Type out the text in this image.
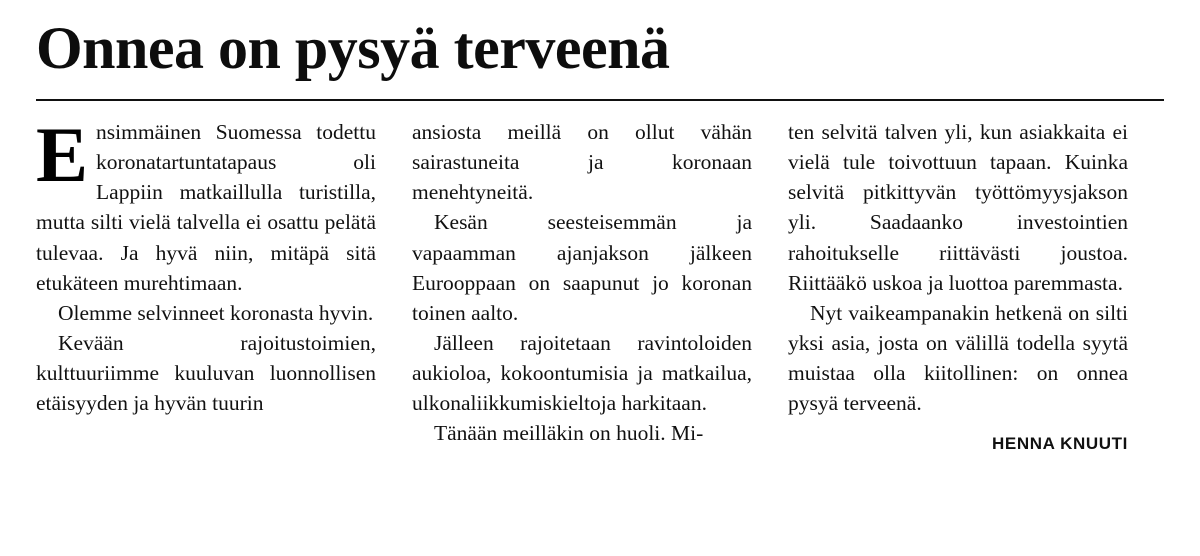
Onnea on pysyä terveenä

Ensimmäinen Suomessa todettu koronatartuntatapaus oli Lappiin matkaillulla turistilla, mutta silti vielä talvella ei osattu pelätä tulevaa. Ja hyvä niin, mitäpä sitä etukäteen murehtimaan.

Olemme selvinneet koronasta hyvin.

Kevään rajoitustoimien, kulttuuriimme kuuluvan luonnollisen etäisyyden ja hyvän tuurin

ansiosta meillä on ollut vähän sairastuneita ja koronaan menehtyneitä.

Kesän seesteisemmän ja vapaamman ajanjakson jälkeen Eurooppaan on saapunut jo koronan toinen aalto.

Jälleen rajoitetaan ravintoloiden aukioloa, kokoontumisia ja matkailua, ulkonaliikkumiskieltoja harkitaan.

Tänään meilläkin on huoli. Mi-

ten selvitä talven yli, kun asiakkaita ei vielä tule toivottuun tapaan. Kuinka selvitä pitkittyvän työttömyysjakson yli. Saadaanko investointien rahoitukselle riittävästi joustoa. Riittääkö uskoa ja luottoa paremmasta.

Nyt vaikeampanakin hetkenä on silti yksi asia, josta on välillä todella syytä muistaa olla kiitollinen: on onnea pysyä terveenä.

HENNA KNUUTI
